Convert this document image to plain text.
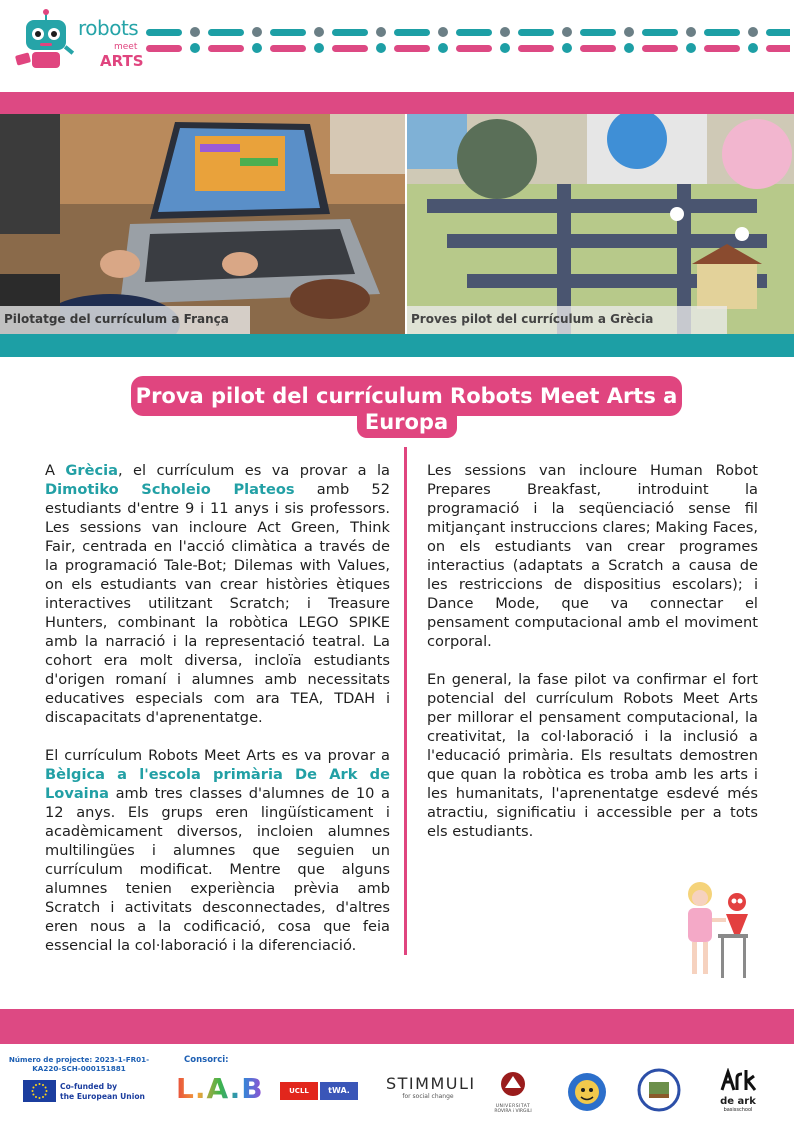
robots
meet
ARTS
Pilotatge del currículum a França	Proves pilot del currículum a Grècia
Prova pilot del currículum Robots Meet Arts a Europa

A Grècia, el currículum es va provar a la Dimotiko Scholeio Plateos amb 52 estudiants d'entre 9 i 11 anys i sis professors. Les sessions van incloure Act Green, Think Fair, centrada en l'acció climàtica a través de la programació Tale-Bot; Dilemas with Values, on els estudiants van crear històries ètiques interactives utilitzant Scratch; i Treasure Hunters, combinant la robòtica LEGO SPIKE amb la narració i la representació teatral. La cohort era molt diversa, incloïa estudiants d'origen romaní i alumnes amb necessitats educatives especials com ara TEA, TDAH i discapacitats d'aprenentatge.

El currículum Robots Meet Arts es va provar a Bèlgica a l'escola primària De Ark de Lovaina amb tres classes d'alumnes de 10 a 12 anys. Els grups eren lingüísticament i acadèmicament diversos, incloien alumnes multilingües i alumnes que seguien un currículum modificat. Mentre que alguns alumnes tenien experiència prèvia amb Scratch i activitats desconnectades, d'altres eren nous a la codificació, cosa que feia essencial la col·laboració i la diferenciació.

Les sessions van incloure Human Robot Prepares Breakfast, introduint la programació i la seqüenciació sense fil mitjançant instruccions clares; Making Faces, on els estudiants van crear programes interactius (adaptats a Scratch a causa de les restriccions de dispositius escolars); i Dance Mode, que va connectar el pensament computacional amb el moviment corporal.

En general, la fase pilot va confirmar el fort potencial del currículum Robots Meet Arts per millorar el pensament computacional, la creativitat, la col·laboració i la inclusió a l'educació primària. Els resultats demostren que quan la robòtica es troba amb les arts i les humanitats, l'aprenentatge esdevé més atractiu, significatiu i accessible per a tots els estudiants.

Número de projecte: 2023-1-FR01-KA220-SCH-000151881
Consorci:
Co-funded by
the European Union L.A.B	UCLL tWA.	STIMMULI
for social change
UNIVERSITAT
ROVIRA i VIRGILI
de ark
basisschool
